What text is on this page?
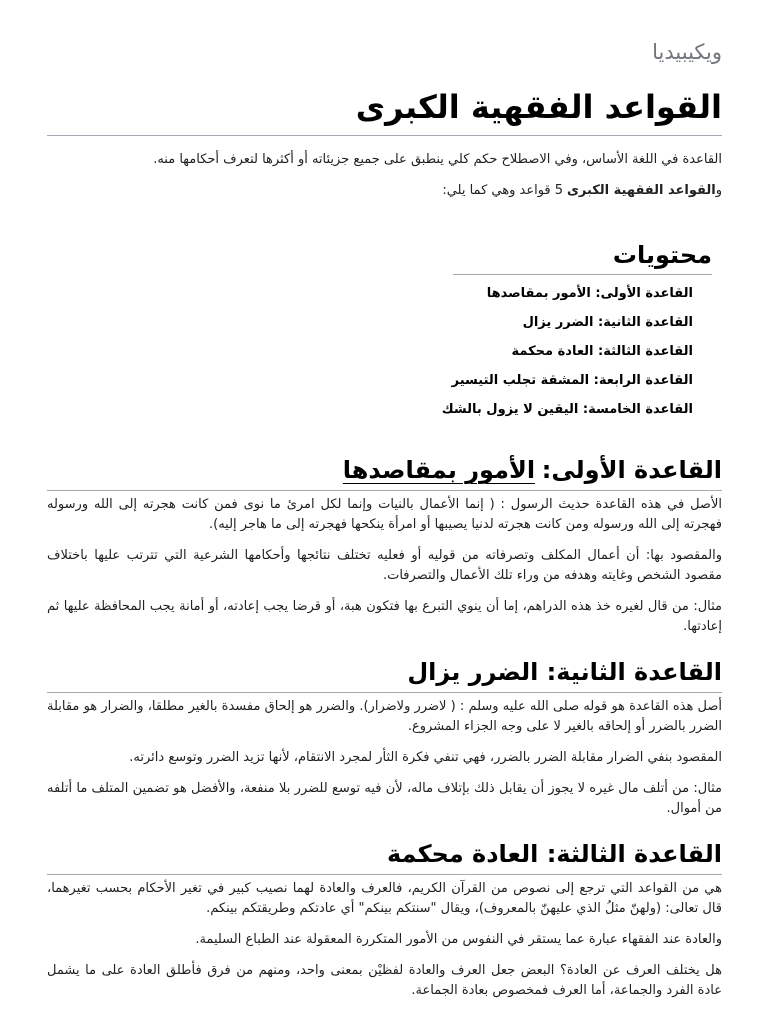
ويكيبيديا
القواعد الفقهية الكبرى

القاعدة في اللغة الأساس، وفي الاصطلاح حكم كلي ينطبق على جميع جزيئاته أو أكثرها لتعرف أحكامها منه.

والقواعد الفقهية الكبرى5 قواعد وهي كما يلي:

محتويات
القاعدة الأولى: الأمور بمقاصدها
القاعدة الثانية: الضرر يزال
القاعدة الثالثة: العادة محكمة
القاعدة الرابعة: المشقة تجلب التيسير
القاعدة الخامسة: اليقين لا يزول بالشك
القاعدة الأولى:الأمور بمقاصدها

الأصل في هذه القاعدة حديث الرسول : ( إنما الأعمال بالنيات وإنما لكل امرئ ما نوى فمن كانت هجرته إلى الله ورسوله فهجرته إلى الله ورسوله ومن كانت هجرته لدنيا يصيبها أو امرأة ينكحها فهجرته إلى ما هاجر إليه).

والمقصود بها: أن أعمال المكلف وتصرفاته من قوليه أو فعليه تختلف نتائجها وأحكامها الشرعية التي تترتب عليها باختلاف مقصود الشخص وغايته وهدفه من وراء تلك الأعمال والتصرفات.

مثال: من قال لغيره خذ هذه الدراهم، إما أن ينوي التبرع بها فتكون هبة، أو قرضا يجب إعادته، أو أمانة يجب المحافظة عليها ثم إعادتها.

القاعدة الثانية: الضرر يزال

أصل هذه القاعدة هو قوله صلى الله عليه وسلم : ( لاضرر ولاضرار). والضرر هو إلحاق مفسدة بالغير مطلقا، والضرار هو مقابلة الضرر بالضرر أو إلحاقه بالغير لا على وجه الجزاء المشروع.

المقصود بنفي الضرار مقابلة الضرر بالضرر، فهي تنفي فكرة الثأر لمجرد الانتقام، لأنها تزيد الضرر وتوسع دائرته.

مثال: من أتلف مال غيره لا يجوز أن يقابل ذلك بإتلاف ماله، لأن فيه توسع للضرر بلا منفعة، والأفضل هو تضمين المتلف ما أتلفه من أموال.

القاعدة الثالثة: العادة محكمة

هي من القواعد التي ترجع إلى نصوص من القرآن الكريم، فالعرف والعادة لهما نصيب كبير في تغير الأحكام بحسب تغيرهما، قال تعالى: (ولهنّ مثلُ الذي عليهنّ بالمعروف)، ويقال "سنتكم بينكم" أي عادتكم وطريقتكم بينكم.

والعادة عند الفقهاء عبارة عما يستقر في النفوس من الأمور المتكررة المعقولة عند الطباع السليمة.

هل يختلف العرف عن العادة؟ البعض جعل العرف والعادة لفظيْن بمعنى واحد، ومنهم من فرق فأطلق العادة على ما يشمل عادة الفرد والجماعة، أما العرف فمخصوص بعادة الجماعة.
